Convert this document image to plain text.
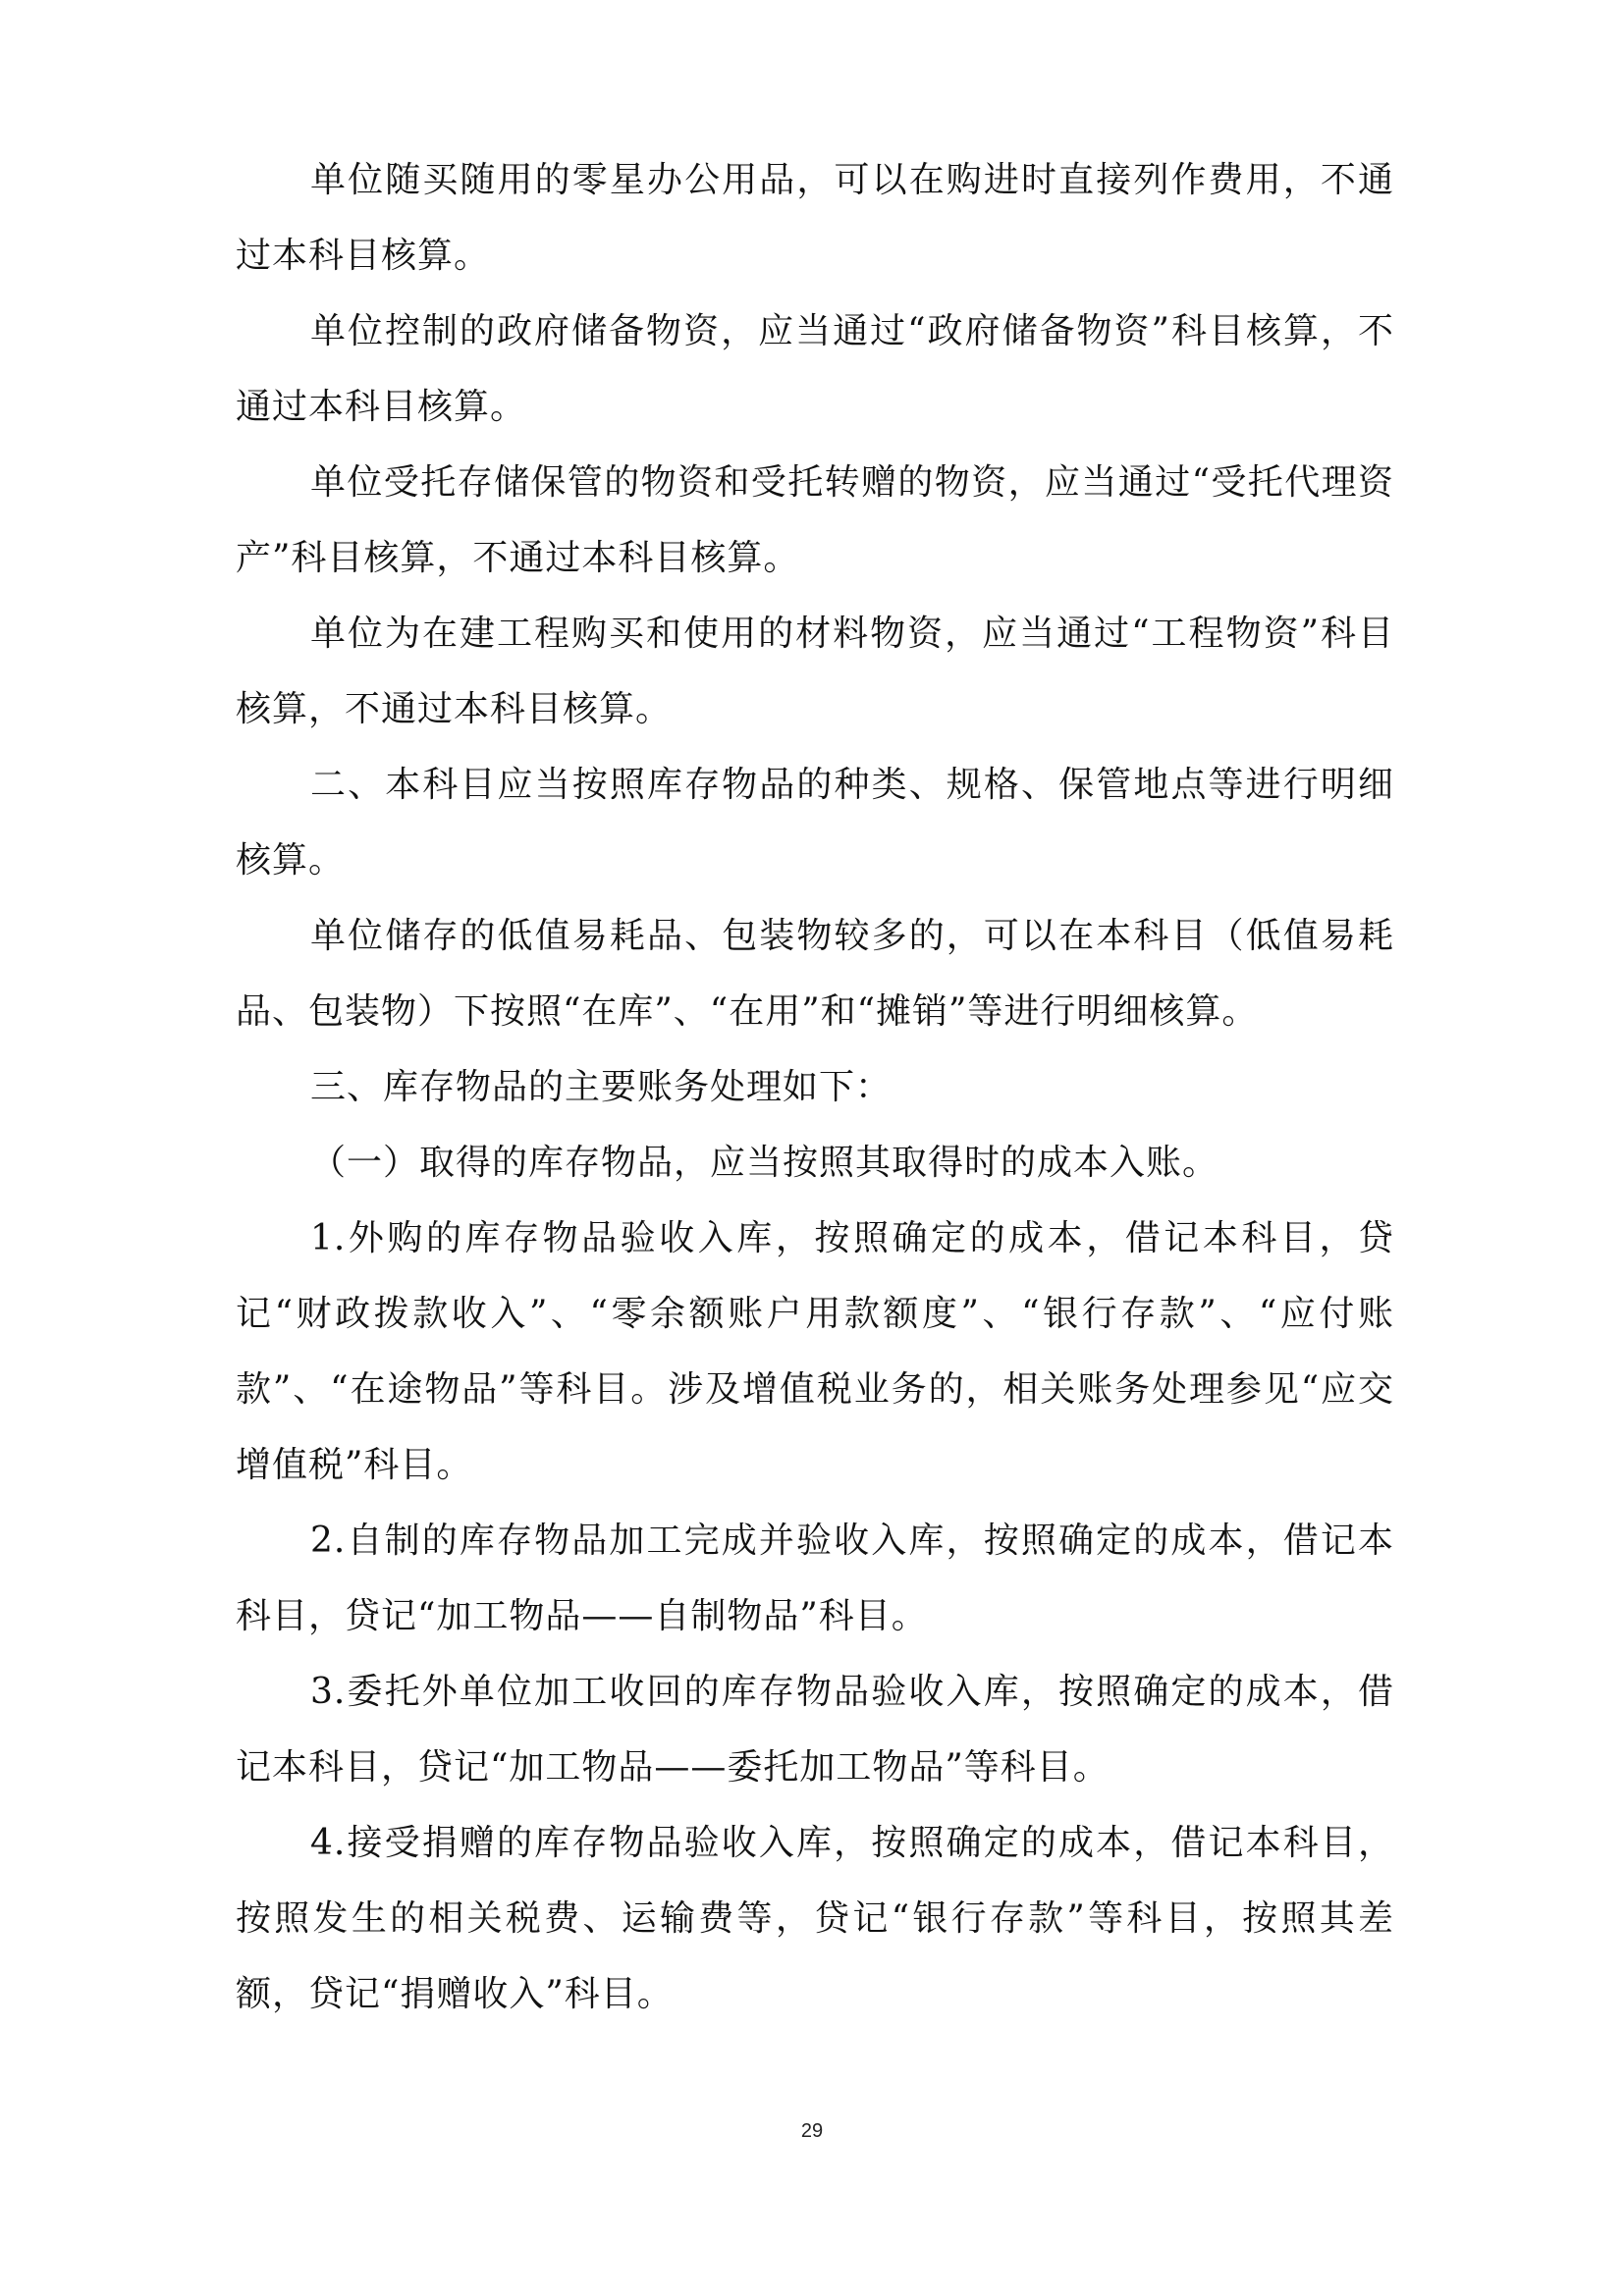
单位随买随用的零星办公用品，可以在购进时直接列作费用，不通过本科目核算。

单位控制的政府储备物资，应当通过“政府储备物资”科目核算，不通过本科目核算。

单位受托存储保管的物资和受托转赠的物资，应当通过“受托代理资产”科目核算，不通过本科目核算。

单位为在建工程购买和使用的材料物资，应当通过“工程物资”科目核算，不通过本科目核算。

二、本科目应当按照库存物品的种类、规格、保管地点等进行明细核算。

单位储存的低值易耗品、包装物较多的，可以在本科目（低值易耗品、包装物）下按照“在库”、“在用”和“摊销”等进行明细核算。

三、库存物品的主要账务处理如下：

（一）取得的库存物品，应当按照其取得时的成本入账。

1.外购的库存物品验收入库，按照确定的成本，借记本科目，贷记“财政拨款收入”、“零余额账户用款额度”、“银行存款”、“应付账款”、“在途物品”等科目。涉及增值税业务的，相关账务处理参见“应交增值税”科目。

2.自制的库存物品加工完成并验收入库，按照确定的成本，借记本科目，贷记“加工物品——自制物品”科目。

3.委托外单位加工收回的库存物品验收入库，按照确定的成本，借记本科目，贷记“加工物品——委托加工物品”等科目。

4.接受捐赠的库存物品验收入库，按照确定的成本，借记本科目，按照发生的相关税费、运输费等，贷记“银行存款”等科目，按照其差额，贷记“捐赠收入”科目。

29
